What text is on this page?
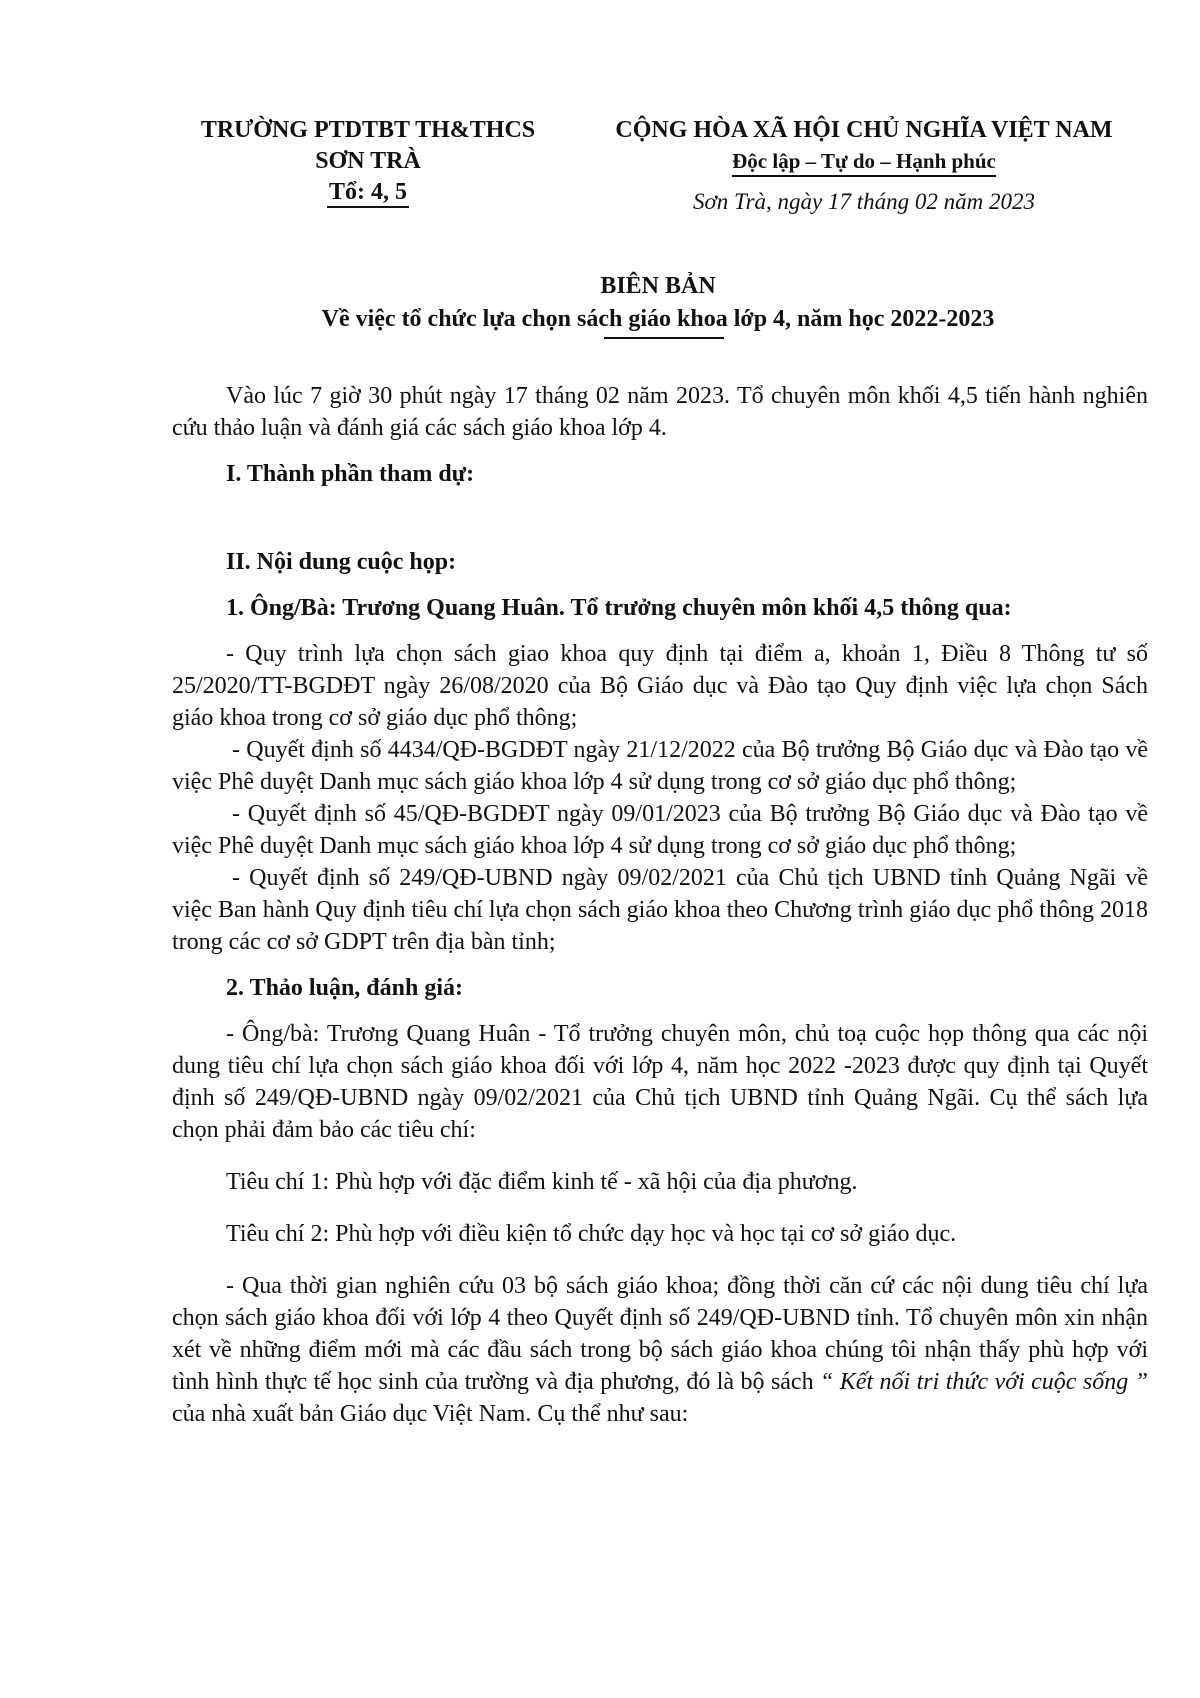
TRƯỜNG PTDTBT TH&THCS
SƠN TRÀ
Tổ: 4, 5
CỘNG HÒA XÃ HỘI CHỦ NGHĨA VIỆT NAM
Độc lập – Tự do – Hạnh phúc
Sơn Trà, ngày 17 tháng 02 năm 2023
BIÊN BẢN
Về việc tổ chức lựa chọn sách giáo khoa lớp 4, năm học 2022-2023

Vào lúc 7 giờ 30 phút ngày 17 tháng 02 năm 2023. Tổ chuyên môn khối 4,5 tiến hành nghiên cứu thảo luận và đánh giá các sách giáo khoa lớp 4.

I. Thành phần tham dự:

II. Nội dung cuộc họp:

1. Ông/Bà: Trương Quang Huân. Tổ trưởng chuyên môn khối 4,5 thông qua:

- Quy trình lựa chọn sách giao khoa quy định tại điểm a, khoản 1, Điều 8 Thông tư số 25/2020/TT-BGDĐT ngày 26/08/2020 của Bộ Giáo dục và Đào tạo Quy định việc lựa chọn Sách giáo khoa trong cơ sở giáo dục phổ thông;

- Quyết định số 4434/QĐ-BGDĐT ngày 21/12/2022 của Bộ trưởng Bộ Giáo dục và Đào tạo về việc Phê duyệt Danh mục sách giáo khoa lớp 4 sử dụng trong cơ sở giáo dục phổ thông;

- Quyết định số 45/QĐ-BGDĐT ngày 09/01/2023 của Bộ trưởng Bộ Giáo dục và Đào tạo về việc Phê duyệt Danh mục sách giáo khoa lớp 4 sử dụng trong cơ sở giáo dục phổ thông;

- Quyết định số 249/QĐ-UBND ngày 09/02/2021 của Chủ tịch UBND tỉnh Quảng Ngãi về việc Ban hành Quy định tiêu chí lựa chọn sách giáo khoa theo Chương trình giáo dục phổ thông 2018 trong các cơ sở GDPT trên địa bàn tỉnh;

2. Thảo luận, đánh giá:

- Ông/bà: Trương Quang Huân - Tổ trưởng chuyên môn, chủ toạ cuộc họp thông qua các nội dung tiêu chí lựa chọn sách giáo khoa đối với lớp 4, năm học 2022 -2023 được quy định tại Quyết định số 249/QĐ-UBND ngày 09/02/2021 của Chủ tịch UBND tỉnh Quảng Ngãi. Cụ thể sách lựa chọn phải đảm bảo các tiêu chí:

Tiêu chí 1: Phù hợp với đặc điểm kinh tế - xã hội của địa phương.

Tiêu chí 2: Phù hợp với điều kiện tổ chức dạy học và học tại cơ sở giáo dục.

- Qua thời gian nghiên cứu 03 bộ sách giáo khoa; đồng thời căn cứ các nội dung tiêu chí lựa chọn sách giáo khoa đối với lớp 4 theo Quyết định số 249/QĐ-UBND tỉnh. Tổ chuyên môn xin nhận xét về những điểm mới mà các đầu sách trong bộ sách giáo khoa chúng tôi nhận thấy phù hợp với tình hình thực tế học sinh của trường và địa phương, đó là bộ sách “ Kết nối tri thức với cuộc sống ” của nhà xuất bản Giáo dục Việt Nam. Cụ thể như sau:
